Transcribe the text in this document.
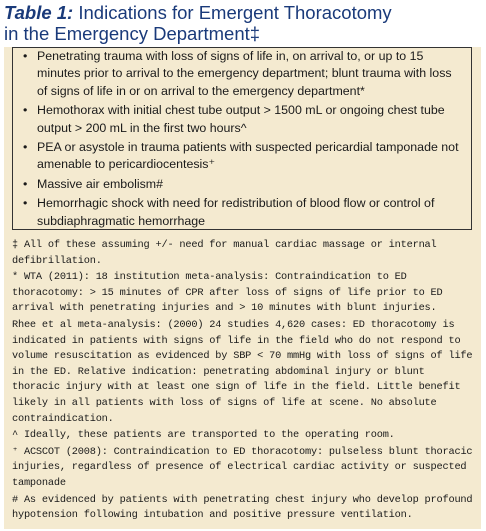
Table 1: Indications for Emergent Thoracotomy
in the Emergency Department‡
• Penetrating trauma with loss of signs of life in, on arrival to, or up to 15 minutes prior to arrival to the emergency department; blunt trauma with loss of signs of life in or on arrival to the emergency department*
• Hemothorax with initial chest tube output > 1500 mL or ongoing chest tube output > 200 mL in the first two hours^
• PEA or asystole in trauma patients with suspected pericardial tamponade not amenable to pericardiocentesis⁺
• Massive air embolism#
• Hemorrhagic shock with need for redistribution of blood flow or control of subdiaphragmatic hemorrhage

‡ All of these assuming +/- need for manual cardiac massage or internal defibrillation.

* WTA (2011): 18 institution meta-analysis: Contraindication to ED thoracotomy: > 15 minutes of CPR after loss of signs of life prior to ED arrival with penetrating injuries and > 10 minutes with blunt injuries.

Rhee et al meta-analysis: (2000) 24 studies 4,620 cases: ED thoracotomy is indicated in patients with signs of life in the field who do not respond to volume resuscitation as evidenced by SBP < 70 mmHg with loss of signs of life in the ED. Relative indication: penetrating abdominal injury or blunt thoracic injury with at least one sign of life in the field. Little benefit likely in all patients with loss of signs of life at scene. No absolute contraindication.

^ Ideally, these patients are transported to the operating room.

⁺ ACSCOT (2008): Contraindication to ED thoracotomy: pulseless blunt thoracic injuries, regardless of presence of electrical cardiac activity or suspected tamponade

# As evidenced by patients with penetrating chest injury who develop profound hypotension following intubation and positive pressure ventilation.
